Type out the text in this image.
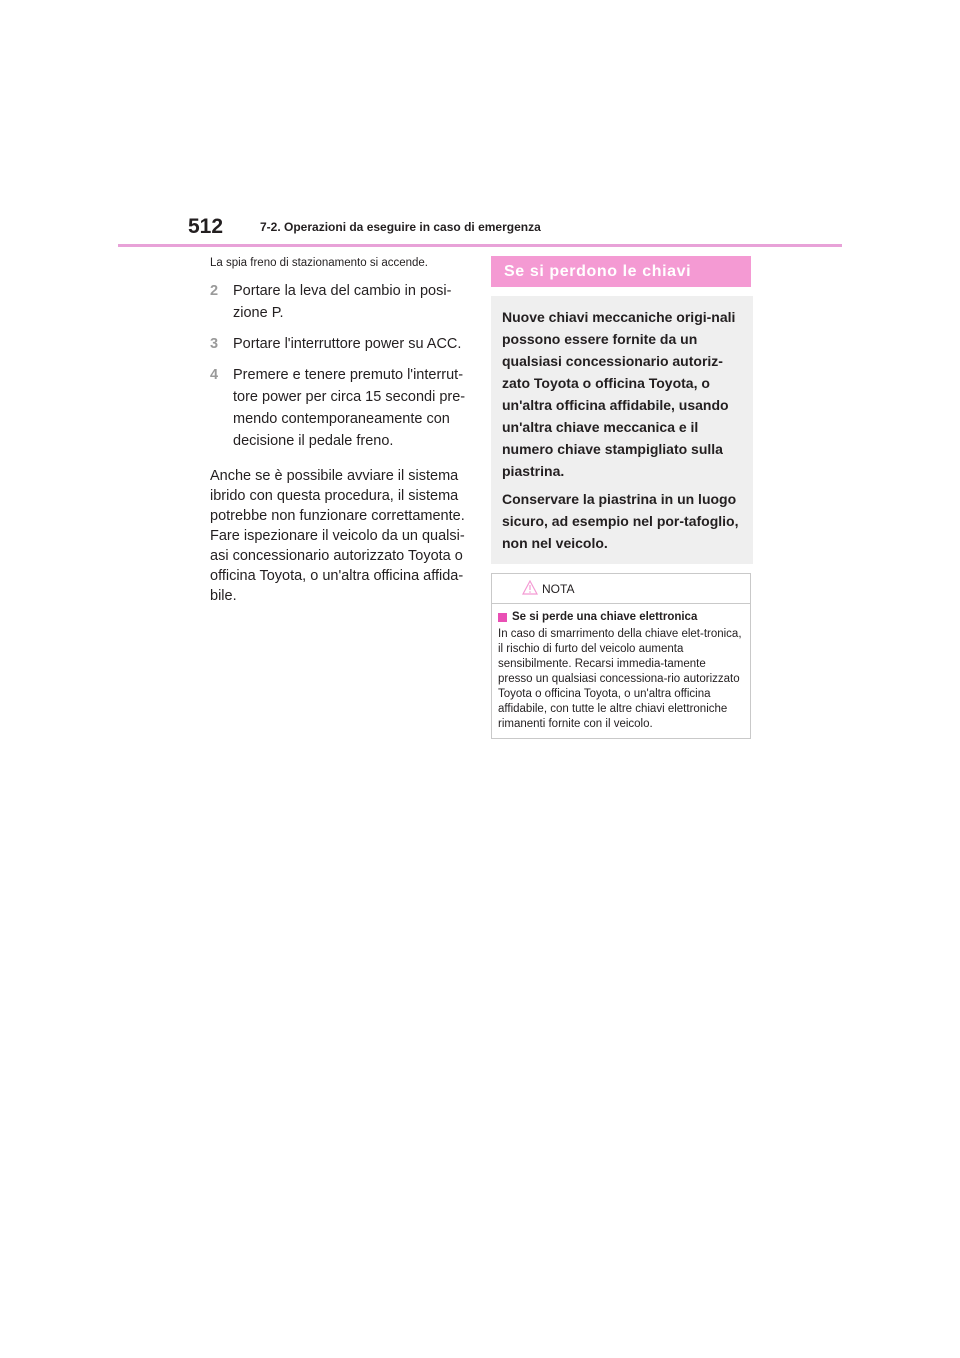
512	7-2. Operazioni da eseguire in caso di emergenza

La spia freno di stazionamento si accende.

2	Portare la leva del cambio in posi-zione P.
3	Portare l'interruttore power su ACC.
4	Premere e tenere premuto l'interrut-tore power per circa 15 secondi pre-mendo contemporaneamente con decisione il pedale freno.

Anche se è possibile avviare il sistema ibrido con questa procedura, il sistema potrebbe non funzionare correttamente. Fare ispezionare il veicolo da un qualsi-asi concessionario autorizzato Toyota o officina Toyota, o un'altra officina affida-bile.

Se si perdono le chiavi

Nuove chiavi meccaniche origi-nali possono essere fornite da un qualsiasi concessionario autoriz-zato Toyota o officina Toyota, o un'altra officina affidabile, usando un'altra chiave meccanica e il numero chiave stampigliato sulla piastrina.

Conservare la piastrina in un luogo sicuro, ad esempio nel por-tafoglio, non nel veicolo.

NOTA
Se si perde una chiave elettronica
In caso di smarrimento della chiave elet-tronica, il rischio di furto del veicolo aumenta sensibilmente. Recarsi immedia-tamente presso un qualsiasi concessiona-rio autorizzato Toyota o officina Toyota, o un'altra officina affidabile, con tutte le altre chiavi elettroniche rimanenti fornite con il veicolo.
